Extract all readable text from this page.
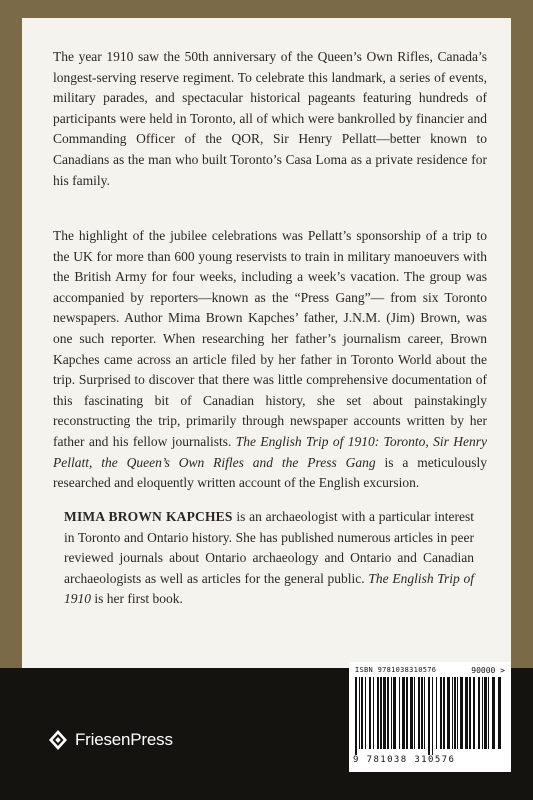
The year 1910 saw the 50th anniversary of the Queen’s Own Rifles, Canada’s longest-serving reserve regiment. To celebrate this landmark, a series of events, military parades, and spectacular historical pageants featuring hundreds of participants were held in Toronto, all of which were bankrolled by financier and Commanding Officer of the QOR, Sir Henry Pellatt—better known to Canadians as the man who built Toronto’s Casa Loma as a private residence for his family.

The highlight of the jubilee celebrations was Pellatt’s sponsorship of a trip to the UK for more than 600 young reservists to train in military manoeuvers with the British Army for four weeks, including a week’s vacation. The group was accompanied by reporters—known as the “Press Gang”— from six Toronto newspapers. Author Mima Brown Kapches’ father, J.N.M. (Jim) Brown, was one such reporter. When researching her father’s journalism career, Brown Kapches came across an article filed by her father in Toronto World about the trip. Surprised to discover that there was little comprehensive documentation of this fascinating bit of Canadian history, she set about painstakingly reconstructing the trip, primarily through newspaper accounts written by her father and his fellow journalists. The English Trip of 1910: Toronto, Sir Henry Pellatt, the Queen’s Own Rifles and the Press Gang is a meticulously researched and eloquently written account of the English excursion.

MIMA BROWN KAPCHES is an archaeologist with a particular interest in Toronto and Ontario history. She has published numerous articles in peer reviewed journals about Ontario archaeology and Ontario and Canadian archaeologists as well as articles for the general public. The English Trip of 1910 is her first book.

FriesenPress
ISBN 9781038310576	90000 >
9 781038 310576
